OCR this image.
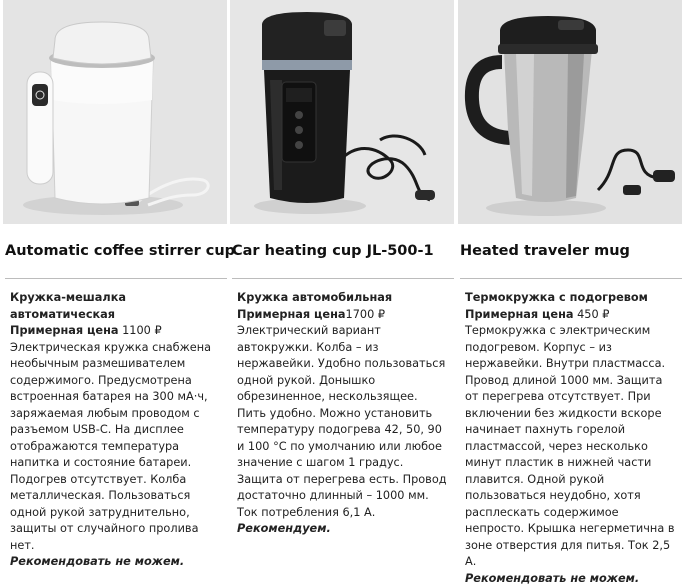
Automatic coffee stirrer cup
Кружка-мешалка автоматическая
Примерная цена 1100 ₽

Электрическая кружка снабжена необычным размешивателем содержимого. Предусмотрена встроенная батарея на 300 мА·ч, заряжаемая любым проводом с разъемом USB‑C. На дисплее отображаются температура напитка и состояние батареи. Подогрев отсутствует. Колба металлическая. Пользоваться одной рукой затруднительно, защиты от случайного пролива нет.

Рекомендовать не можем.
Car heating cup JL-500-1
Кружка автомобильная
Примерная цена1700 ₽

Электрический вариант автокружки. Колба – из нержавейки. Удобно пользоваться одной рукой. Донышко обрезиненное, нескользящее. Пить удобно. Можно установить температуру подогрева 42, 50, 90 и 100 °С по умолчанию или любое значение с шагом 1 градус. Защита от перегрева есть. Провод достаточно длинный – 1000 мм. Ток потребления 6,1 А.

Рекомендуем.
Heated traveler mug
Термокружка с подогревом
Примерная цена 450 ₽

Термокружка с электрическим подогревом. Корпус – из нержавейки. Внутри пластмасса. Провод длиной 1000 мм. Защита от перегрева отсутствует. При включении без жидкости вскоре начинает пахнуть горелой пластмассой, через несколько минут пластик в нижней части плавится. Одной рукой пользоваться неудобно, хотя расплескать содержимое непросто. Крышка негерметична в зоне отверстия для питья. Ток 2,5 А.

Рекомендовать не можем.
